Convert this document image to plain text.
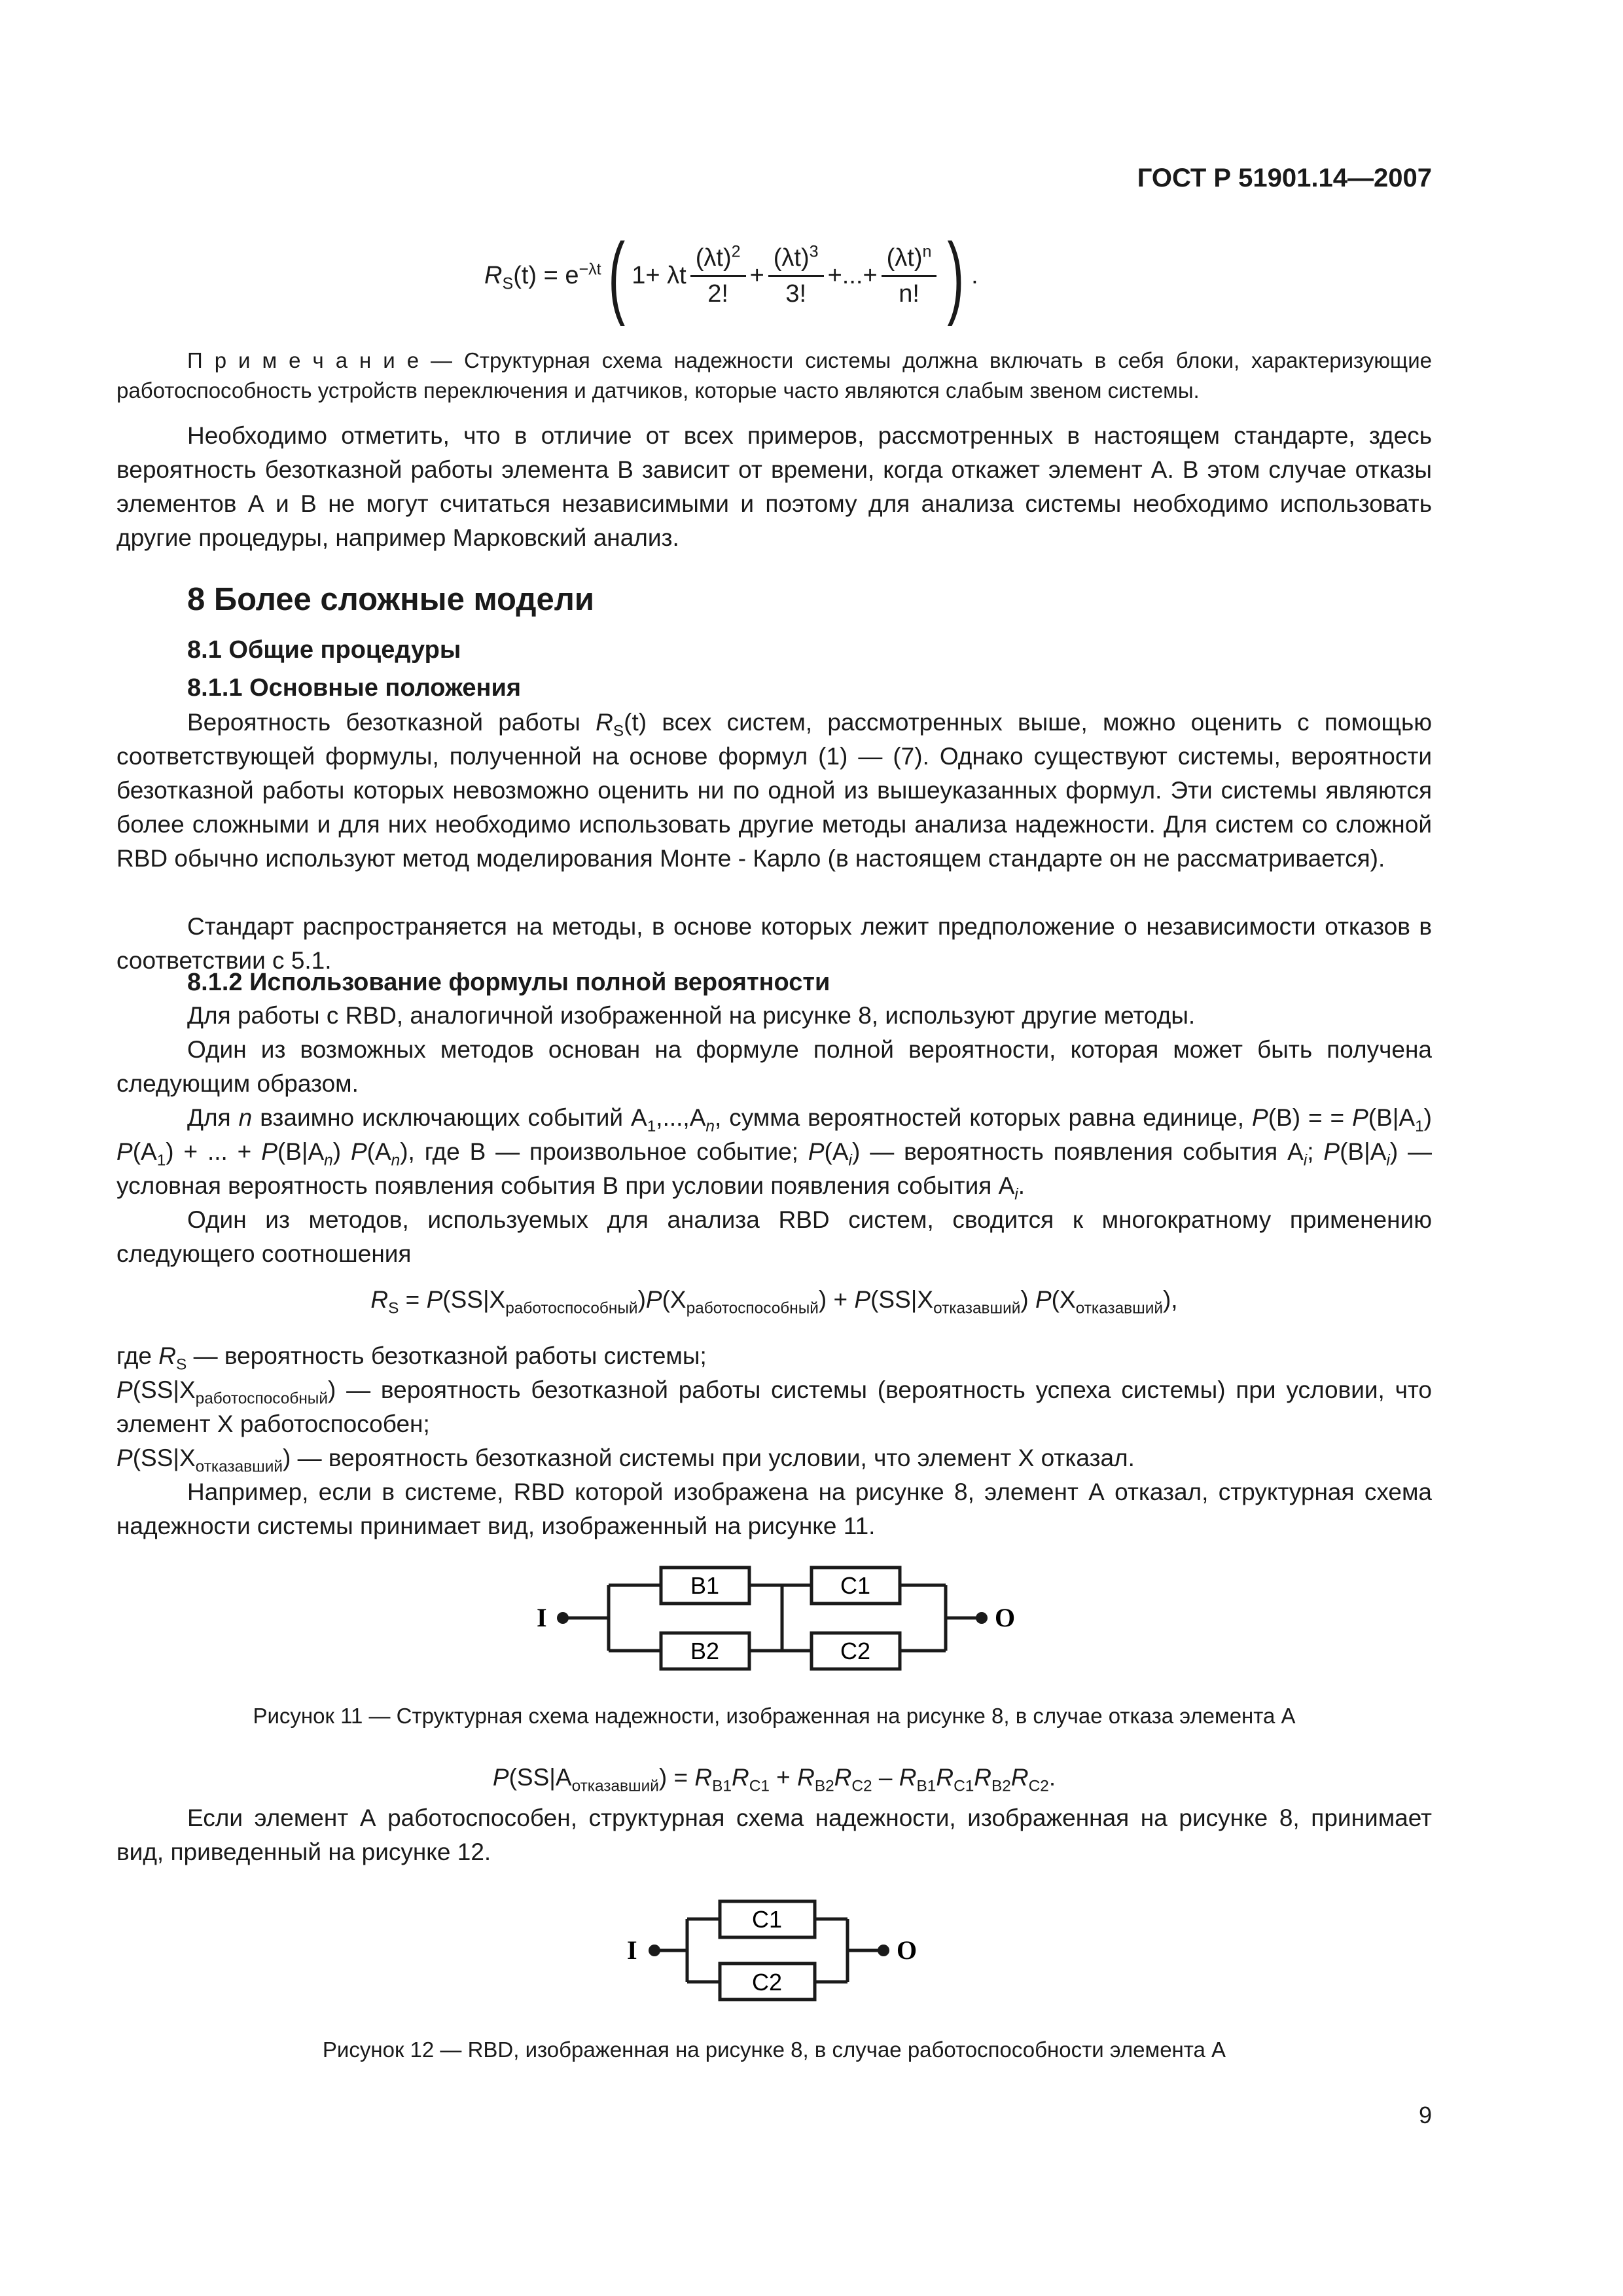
ГОСТ Р 51901.14—2007
$R_S(t) = e^{-\lambda t}$ ( 1+ λt $\frac{(\lambda t)^2}{2!} + \frac{(\lambda t)^3}{3!}$ +...+ $\frac{(\lambda t)^n}{n!}$ ) .
П р и м е ч а н и е — Структурная схема надежности системы должна включать в себя блоки, характеризующие работоспособность устройств переключения и датчиков, которые часто являются слабым звеном системы.
Необходимо отметить, что в отличие от всех примеров, рассмотренных в настоящем стандарте, здесь вероятность безотказной работы элемента В зависит от времени, когда откажет элемент А. В этом случае отказы элементов А и В не могут считаться независимыми и поэтому для анализа системы необходимо использовать другие процедуры, например Марковский анализ.
8 Более сложные модели
8.1 Общие процедуры
8.1.1 Основные положения
Вероятность безотказной работы $R_S(t)$ всех систем, рассмотренных выше, можно оценить с помощью соответствующей формулы, полученной на основе формул (1) — (7). Однако существуют системы, вероятности безотказной работы которых невозможно оценить ни по одной из вышеуказанных формул. Эти системы являются более сложными и для них необходимо использовать другие методы анализа надежности. Для систем со сложной RBD обычно используют метод моделирования Монте - Карло (в настоящем стандарте он не рассматривается).
Стандарт распространяется на методы, в основе которых лежит предположение о независимости отказов в соответствии с 5.1.
8.1.2 Использование формулы полной вероятности
Для работы с RBD, аналогичной изображенной на рисунке 8, используют другие методы.
Один из возможных методов основан на формуле полной вероятности, которая может быть получена следующим образом.
Для n взаимно исключающих событий $А_1,...,А_n$, сумма вероятностей которых равна единице, P(В) = = $P(В|А_1) P(А_1)$ + ... + $P(В|А_n)$ $P(А_n)$, где В — произвольное событие; $P(А_i)$ — вероятность появления события $А_i$; $P(В|А_i)$ — условная вероятность появления события В при условии появления события $А_i$.
Один из методов, используемых для анализа RBD систем, сводится к многократному применению следующего соотношения
$R_S = P(SS|X_{работоспособный})P(X_{работоспособный}) + P(SS|X_{отказавший})$ $P(X_{отказавший})$,
где $R_S$ — вероятность безотказной работы системы;
$P(SS|X_{работоспособный})$ — вероятность безотказной работы системы (вероятность успеха системы) при условии, что элемент X работоспособен;
$P(SS|X_{отказавший})$ — вероятность безотказной системы при условии, что элемент X отказал.
Например, если в системе, RBD которой изображена на рисунке 8, элемент А отказал, структурная схема надежности системы принимает вид, изображенный на рисунке 11.
I	O
B1
B2
C1
C2
Рисунок 11 — Структурная схема надежности, изображенная на рисунке 8, в случае отказа элемента А
$P(SS|A_{отказавший}) = R_{B1}R_{C1} + R_{B2}R_{C2} - R_{B1}R_{C1}R_{B2}R_{C2}$.
Если элемент А работоспособен, структурная схема надежности, изображенная на рисунке 8, принимает вид, приведенный на рисунке 12.
I	O
C1
C2
Рисунок 12 — RBD, изображенная на рисунке 8, в случае работоспособности элемента А
9
